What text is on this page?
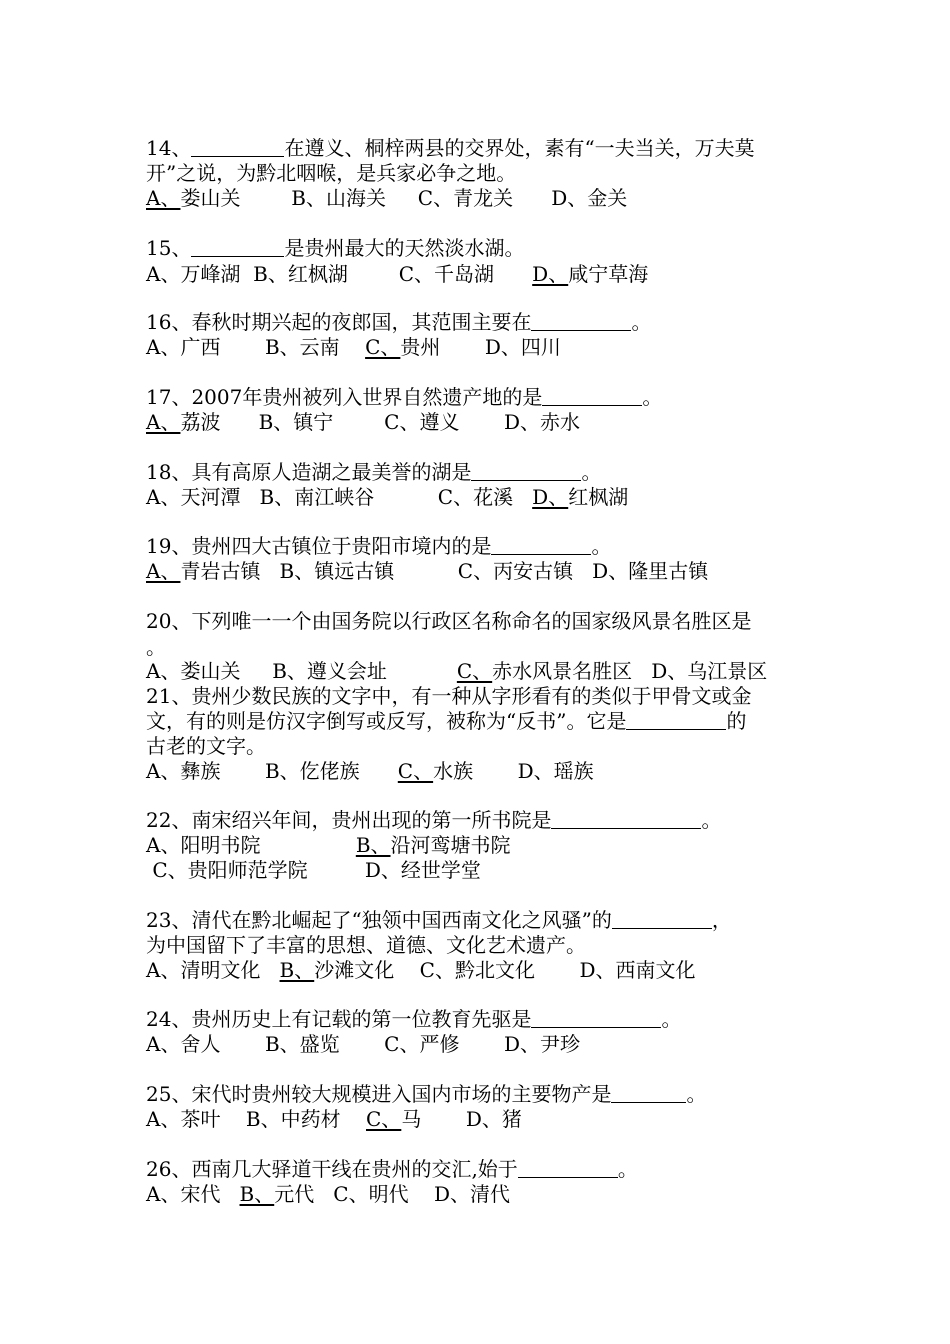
14、	在遵义、桐梓两县的交界处，素有“一夫当关，万夫莫
开”之说，为黔北咽喉，是兵家必争之地。
A、娄山关        B、山海关     C、青龙关      D、金关
15、	是贵州最大的天然淡水湖。
A、万峰湖  B、红枫湖        C、千岛湖      D、咸宁草海
16、春秋时期兴起的夜郎国，其范围主要在	。
A、广西       B、云南    C、贵州       D、四川
17、2007年贵州被列入世界自然遗产地的是	。
A、荔波      B、镇宁        C、遵义       D、赤水
18、具有高原人造湖之最美誉的湖是	。
A、天河潭   B、南江峡谷          C、花溪   D、红枫湖
19、贵州四大古镇位于贵阳市境内的是	。
A、青岩古镇   B、镇远古镇          C、丙安古镇   D、隆里古镇
20、下列唯一一个由国务院以行政区名称命名的国家级风景名胜区是
。
A、娄山关     B、遵义会址           C、赤水风景名胜区   D、乌江景区
21、贵州少数民族的文字中，有一种从字形看有的类似于甲骨文或金
文，有的则是仿汉字倒写或反写，被称为“反书”。它是	的
古老的文字。
A、彝族       B、仡佬族      C、水族       D、瑶族
22、南宋绍兴年间，贵州出现的第一所书院是	。
A、阳明书院               B、沿河鸾塘书院
C、贵阳师范学院         D、经世学堂
23、清代在黔北崛起了“独领中国西南文化之风骚”的	，
为中国留下了丰富的思想、道德、文化艺术遗产。
A、清明文化   B、沙滩文化    C、黔北文化       D、西南文化
24、贵州历史上有记载的第一位教育先驱是	。
A、舍人       B、盛览       C、严修       D、尹珍
25、宋代时贵州较大规模进入国内市场的主要物产是	。
A、茶叶    B、中药材    C、马       D、猪
26、西南几大驿道干线在贵州的交汇,始于	。
A、宋代   B、元代   C、明代    D、清代
